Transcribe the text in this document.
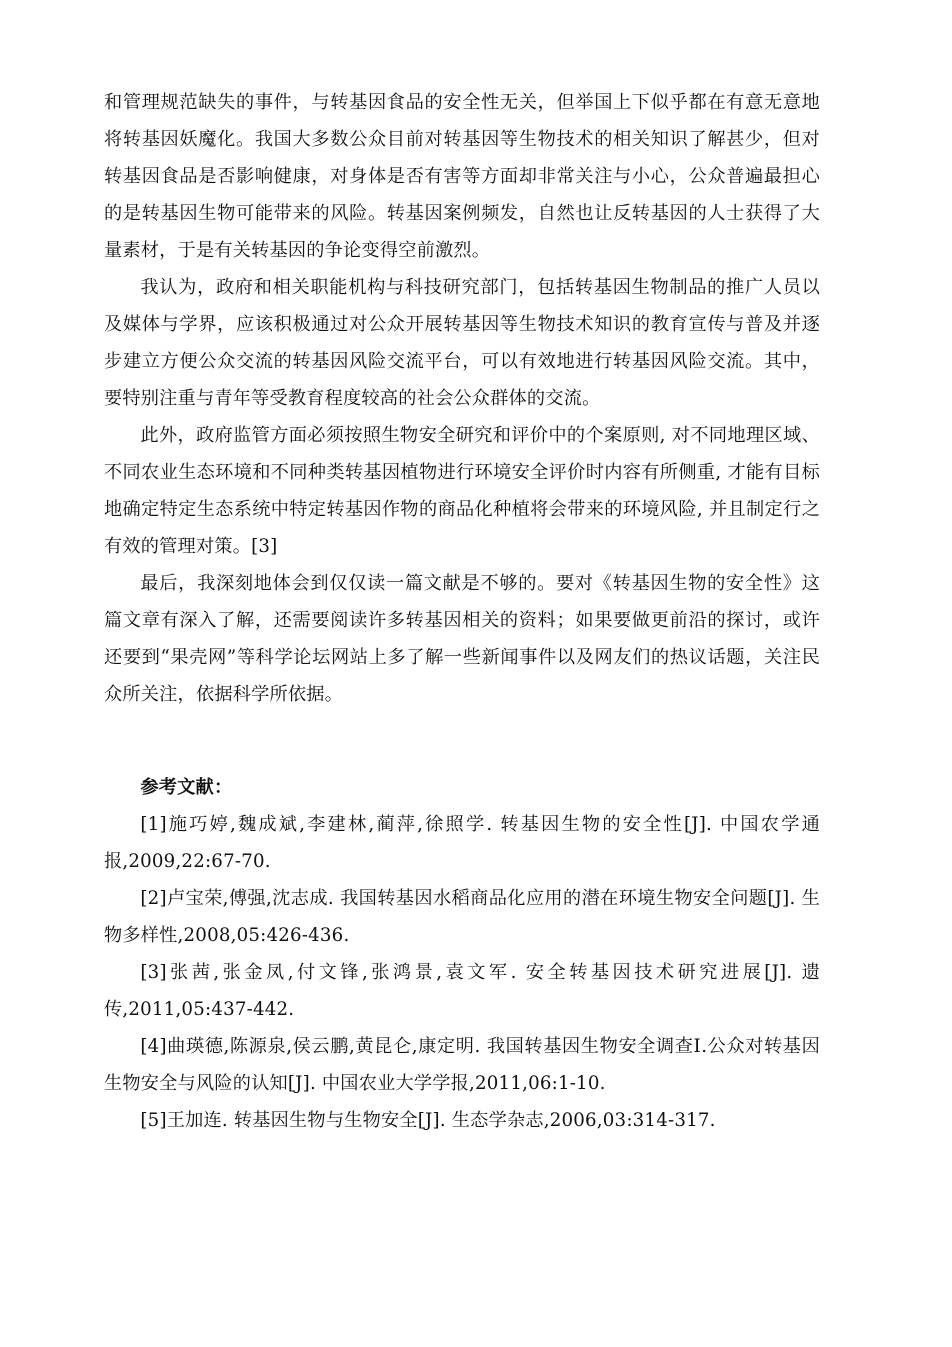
和管理规范缺失的事件，与转基因食品的安全性无关，但举国上下似乎都在有意无意地将转基因妖魔化。我国大多数公众目前对转基因等生物技术的相关知识了解甚少，但对转基因食品是否影响健康，对身体是否有害等方面却非常关注与小心，公众普遍最担心的是转基因生物可能带来的风险。转基因案例频发，自然也让反转基因的人士获得了大量素材，于是有关转基因的争论变得空前激烈。

我认为，政府和相关职能机构与科技研究部门，包括转基因生物制品的推广人员以及媒体与学界，应该积极通过对公众开展转基因等生物技术知识的教育宣传与普及并逐步建立方便公众交流的转基因风险交流平台，可以有效地进行转基因风险交流。其中，要特别注重与青年等受教育程度较高的社会公众群体的交流。

此外，政府监管方面必须按照生物安全研究和评价中的个案原则, 对不同地理区域、不同农业生态环境和不同种类转基因植物进行环境安全评价时内容有所侧重, 才能有目标地确定特定生态系统中特定转基因作物的商品化种植将会带来的环境风险, 并且制定行之有效的管理对策。[3]

最后，我深刻地体会到仅仅读一篇文献是不够的。要对《转基因生物的安全性》这篇文章有深入了解，还需要阅读许多转基因相关的资料；如果要做更前沿的探讨，或许还要到“果壳网”等科学论坛网站上多了解一些新闻事件以及网友们的热议话题，关注民众所关注，依据科学所依据。

参考文献：

[1]施巧婷,魏成斌,李建林,蔺萍,徐照学. 转基因生物的安全性[J]. 中国农学通报,2009,22:67-70.

[2]卢宝荣,傅强,沈志成. 我国转基因水稻商品化应用的潜在环境生物安全问题[J]. 生物多样性,2008,05:426-436.

[3]张茜,张金凤,付文锋,张鸿景,袁文军. 安全转基因技术研究进展[J]. 遗传,2011,05:437-442.

[4]曲瑛德,陈源泉,侯云鹏,黄昆仑,康定明. 我国转基因生物安全调查Ⅰ.公众对转基因生物安全与风险的认知[J]. 中国农业大学学报,2011,06:1-10.

[5]王加连. 转基因生物与生物安全[J]. 生态学杂志,2006,03:314-317.
